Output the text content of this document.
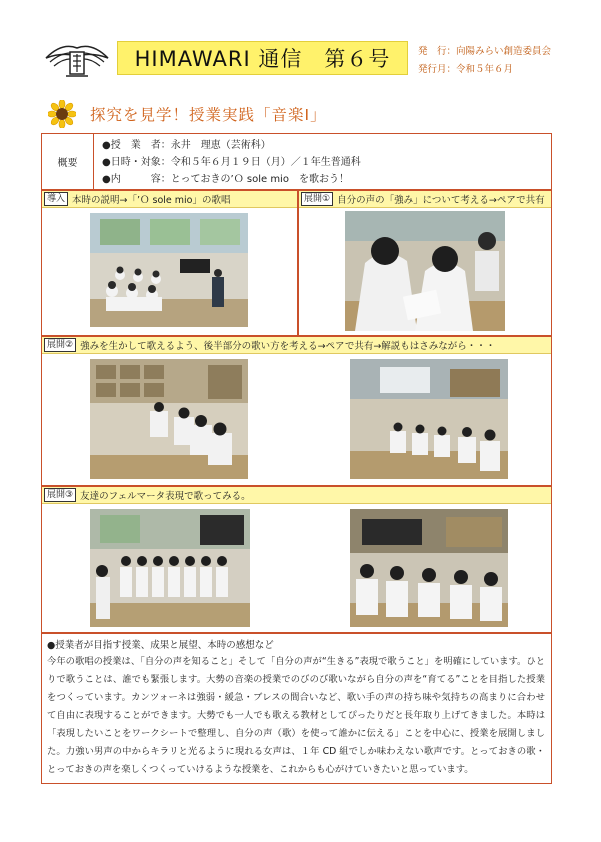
HIMAWARI 通信　第６号	発　行：向陽みらい創造委員会
発行月：令和５年６月
探究を見学！授業実践「音楽Ⅰ」
概要
●授　業　者：永井　理恵（芸術科）
●日時・対象：令和５年６月１９日（月）／１年生普通科
●内　　　容：とっておきの’Ｏ sole mio　を歌おう！
導入 本時の説明→「’Ｏ sole mio」の歌唱	展開① 自分の声の「強み」について考える→ペアで共有
展開② 強みを生かして歌えるよう、後半部分の歌い方を考える→ペアで共有→解説もはさみながら・・・
展開③ 友達のフェルマータ表現で歌ってみる。
●授業者が目指す授業、成果と展望、本時の感想など
今年の歌唱の授業は、「自分の声を知ること」そして「自分の声が“生きる”表現で歌うこと」を明確にしています。ひとりで歌うことは、誰でも緊張します。大勢の音楽の授業でのびのび歌いながら自分の声を“育てる”ことを目指した授業をつくっています。カンツォーネは強弱・緩急・ブレスの間合いなど、歌い手の声の持ち味や気持ちの高まりに合わせて自由に表現することができます。大勢でも一人でも歌える教材としてぴったりだと長年取り上げてきました。本時は「表現したいことをワークシートで整理し、自分の声（歌）を使って誰かに伝える」ことを中心に、授業を展開しました。力強い男声の中からキラリと光るように現れる女声は、１年 CD 組でしか味わえない歌声です。とっておきの歌・とっておきの声を楽しくつくっていけるような授業を、これからも心がけていきたいと思っています。
